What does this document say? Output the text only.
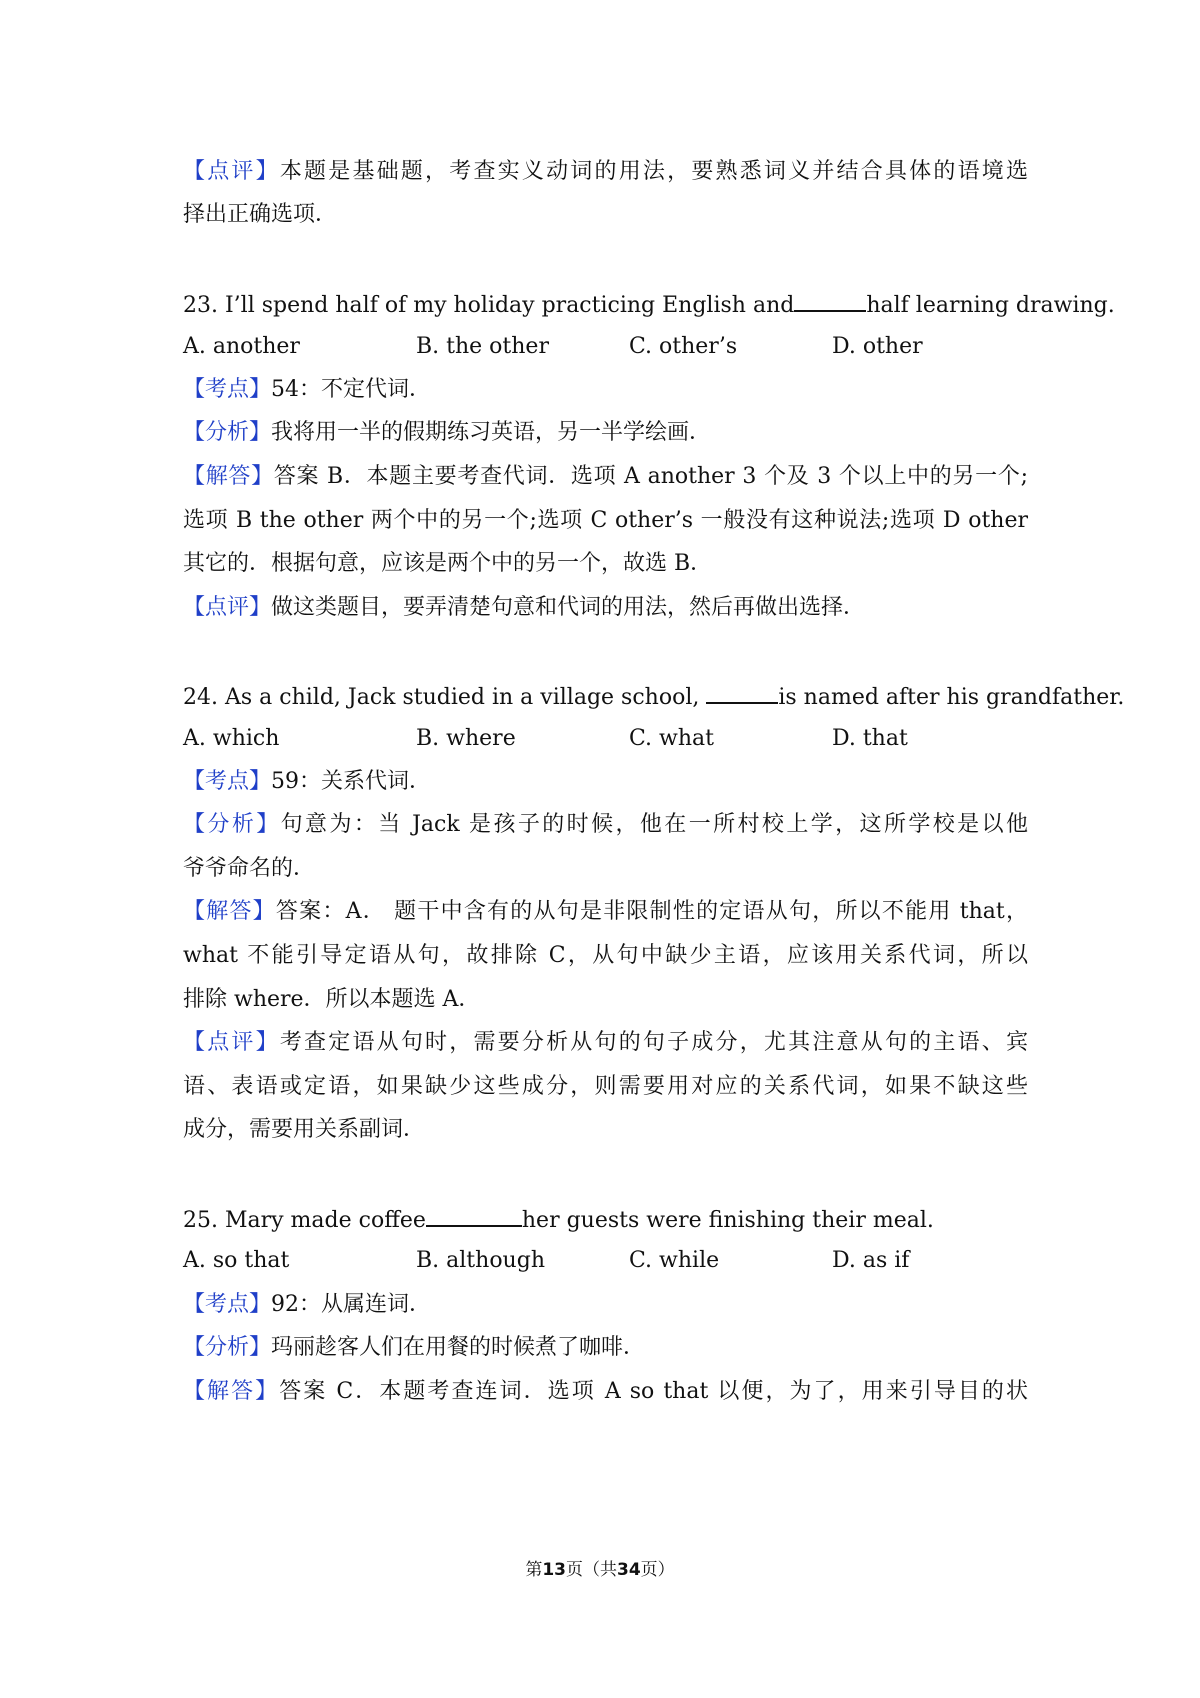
【点评】本题是基础题，考查实义动词的用法，要熟悉词义并结合具体的语境选
择出正确选项．
23. I’ll spend half of my holiday practicing English and	half learning drawing.
A. another	B. the other	C. other’s	D. other
【考点】54：不定代词．
【分析】我将用一半的假期练习英语，另一半学绘画．
【解答】答案 B．本题主要考查代词．选项 A another 3 个及 3 个以上中的另一个;
选项 B the other 两个中的另一个;选项 C other’s 一般没有这种说法;选项 D other
其它的．根据句意，应该是两个中的另一个，故选 B．
【点评】做这类题目，要弄清楚句意和代词的用法，然后再做出选择．
24. As a child, Jack studied in a village school,	is named after his grandfather.
A. which	B. where	C. what	D. that
【考点】59：关系代词．
【分析】句意为：当 Jack 是孩子的时候，他在一所村校上学，这所学校是以他
爷爷命名的．
【解答】答案：A． 题干中含有的从句是非限制性的定语从句，所以不能用 that，
what 不能引导定语从句，故排除 C，从句中缺少主语，应该用关系代词，所以
排除 where．所以本题选 A．
【点评】考查定语从句时，需要分析从句的句子成分，尤其注意从句的主语、宾
语、表语或定语，如果缺少这些成分，则需要用对应的关系代词，如果不缺这些
成分，需要用关系副词．
25. Mary made coffee	her guests were finishing their meal.
A. so that	B. although	C. while	D. as if
【考点】92：从属连词．
【分析】玛丽趁客人们在用餐的时候煮了咖啡．
【解答】答案 C．本题考查连词．选项 A so that 以便，为了，用来引导目的状
第13页（共34页）
